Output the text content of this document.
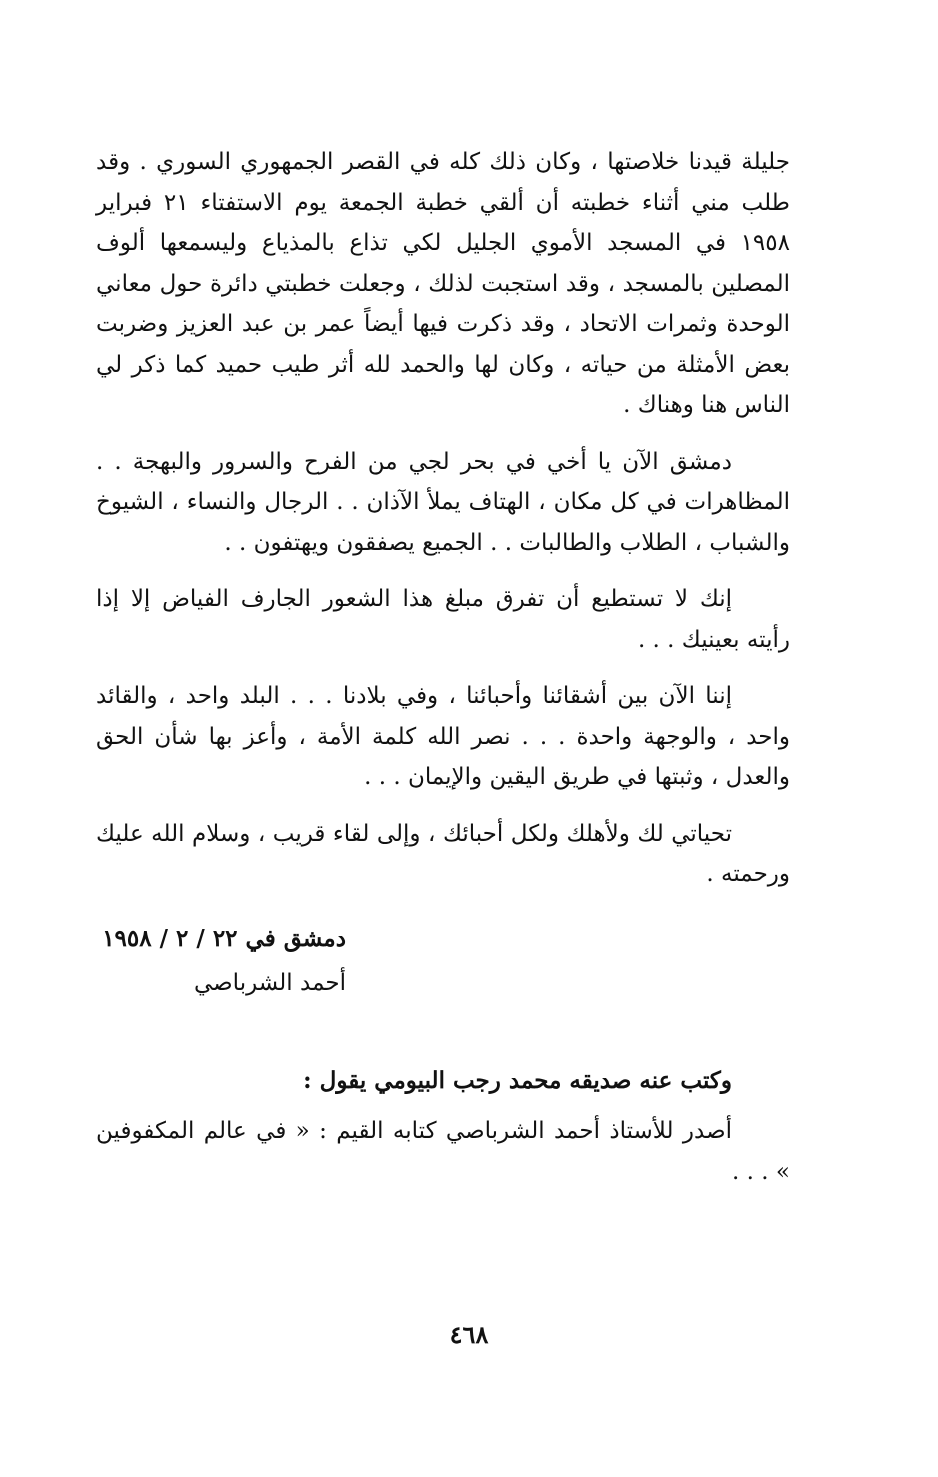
جليلة قيدنا خلاصتها ، وكان ذلك كله في القصر الجمهوري السوري . وقد طلب مني أثناء خطبته أن ألقي خطبة الجمعة يوم الاستفتاء ٢١ فبراير ١٩٥٨ في المسجد الأموي الجليل لكي تذاع بالمذياع وليسمعها ألوف المصلين بالمسجد ، وقد استجبت لذلك ، وجعلت خطبتي دائرة حول معاني الوحدة وثمرات الاتحاد ، وقد ذكرت فيها أيضاً عمر بن عبد العزيز وضربت بعض الأمثلة من حياته ، وكان لها والحمد لله أثر طيب حميد كما ذكر لي الناس هنا وهناك .

دمشق الآن يا أخي في بحر لجي من الفرح والسرور والبهجة . . المظاهرات في كل مكان ، الهتاف يملأ الآذان . . الرجال والنساء ، الشيوخ والشباب ، الطلاب والطالبات . . الجميع يصفقون ويهتفون . .

إنك لا تستطيع أن تفرق مبلغ هذا الشعور الجارف الفياض إلا إذا رأيته بعينيك . . .

إننا الآن بين أشقائنا وأحبائنا ، وفي بلادنا . . . البلد واحد ، والقائد واحد ، والوجهة واحدة . . . نصر الله كلمة الأمة ، وأعز بها شأن الحق والعدل ، وثبتها في طريق اليقين والإيمان . . .

تحياتي لك ولأهلك ولكل أحبائك ، وإلى لقاء قريب ، وسلام الله عليك ورحمته .

دمشق في ٢٢ / ٢ / ١٩٥٨
أحمد الشرباصي

وكتب عنه صديقه محمد رجب البيومي يقول :

أصدر للأستاذ أحمد الشرباصي كتابه القيم : « في عالم المكفوفين » . . .

٤٦٨
